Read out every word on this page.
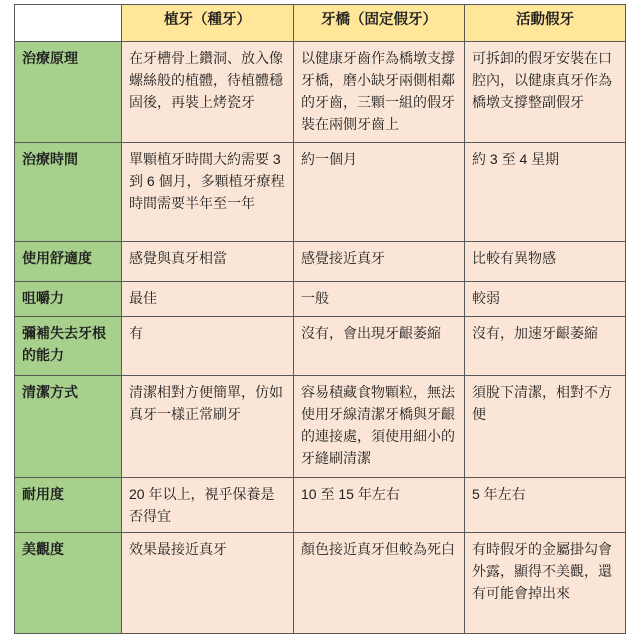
	植牙（種牙）	牙橋（固定假牙）	活動假牙
治療原理	在牙槽骨上鑽洞、放入像螺絲般的植體，待植體穩固後，再裝上烤瓷牙	以健康牙齒作為橋墩支撐牙橋，磨小缺牙兩側相鄰的牙齒，三顆一組的假牙裝在兩側牙齒上	可拆卸的假牙安裝在口腔內，以健康真牙作為橋墩支撐整副假牙
治療時間	單顆植牙時間大約需要 3 到 6 個月，多顆植牙療程時間需要半年至一年	約一個月	約 3 至 4 星期
使用舒適度	感覺與真牙相當	感覺接近真牙	比較有異物感
咀嚼力	最佳	一般	較弱
彌補失去牙根的能力	有	沒有，會出現牙齦萎縮	沒有，加速牙齦萎縮
清潔方式	清潔相對方便簡單，仿如真牙一樣正常刷牙	容易積藏食物顆粒，無法使用牙線清潔牙橋與牙齦的連接處，須使用細小的牙縫刷清潔	須脫下清潔，相對不方便
耐用度	20 年以上，視乎保養是否得宜	10 至 15 年左右	5 年左右
美觀度	效果最接近真牙	顏色接近真牙但較為死白	有時假牙的金屬掛勾會外露，顯得不美觀，還有可能會掉出來
